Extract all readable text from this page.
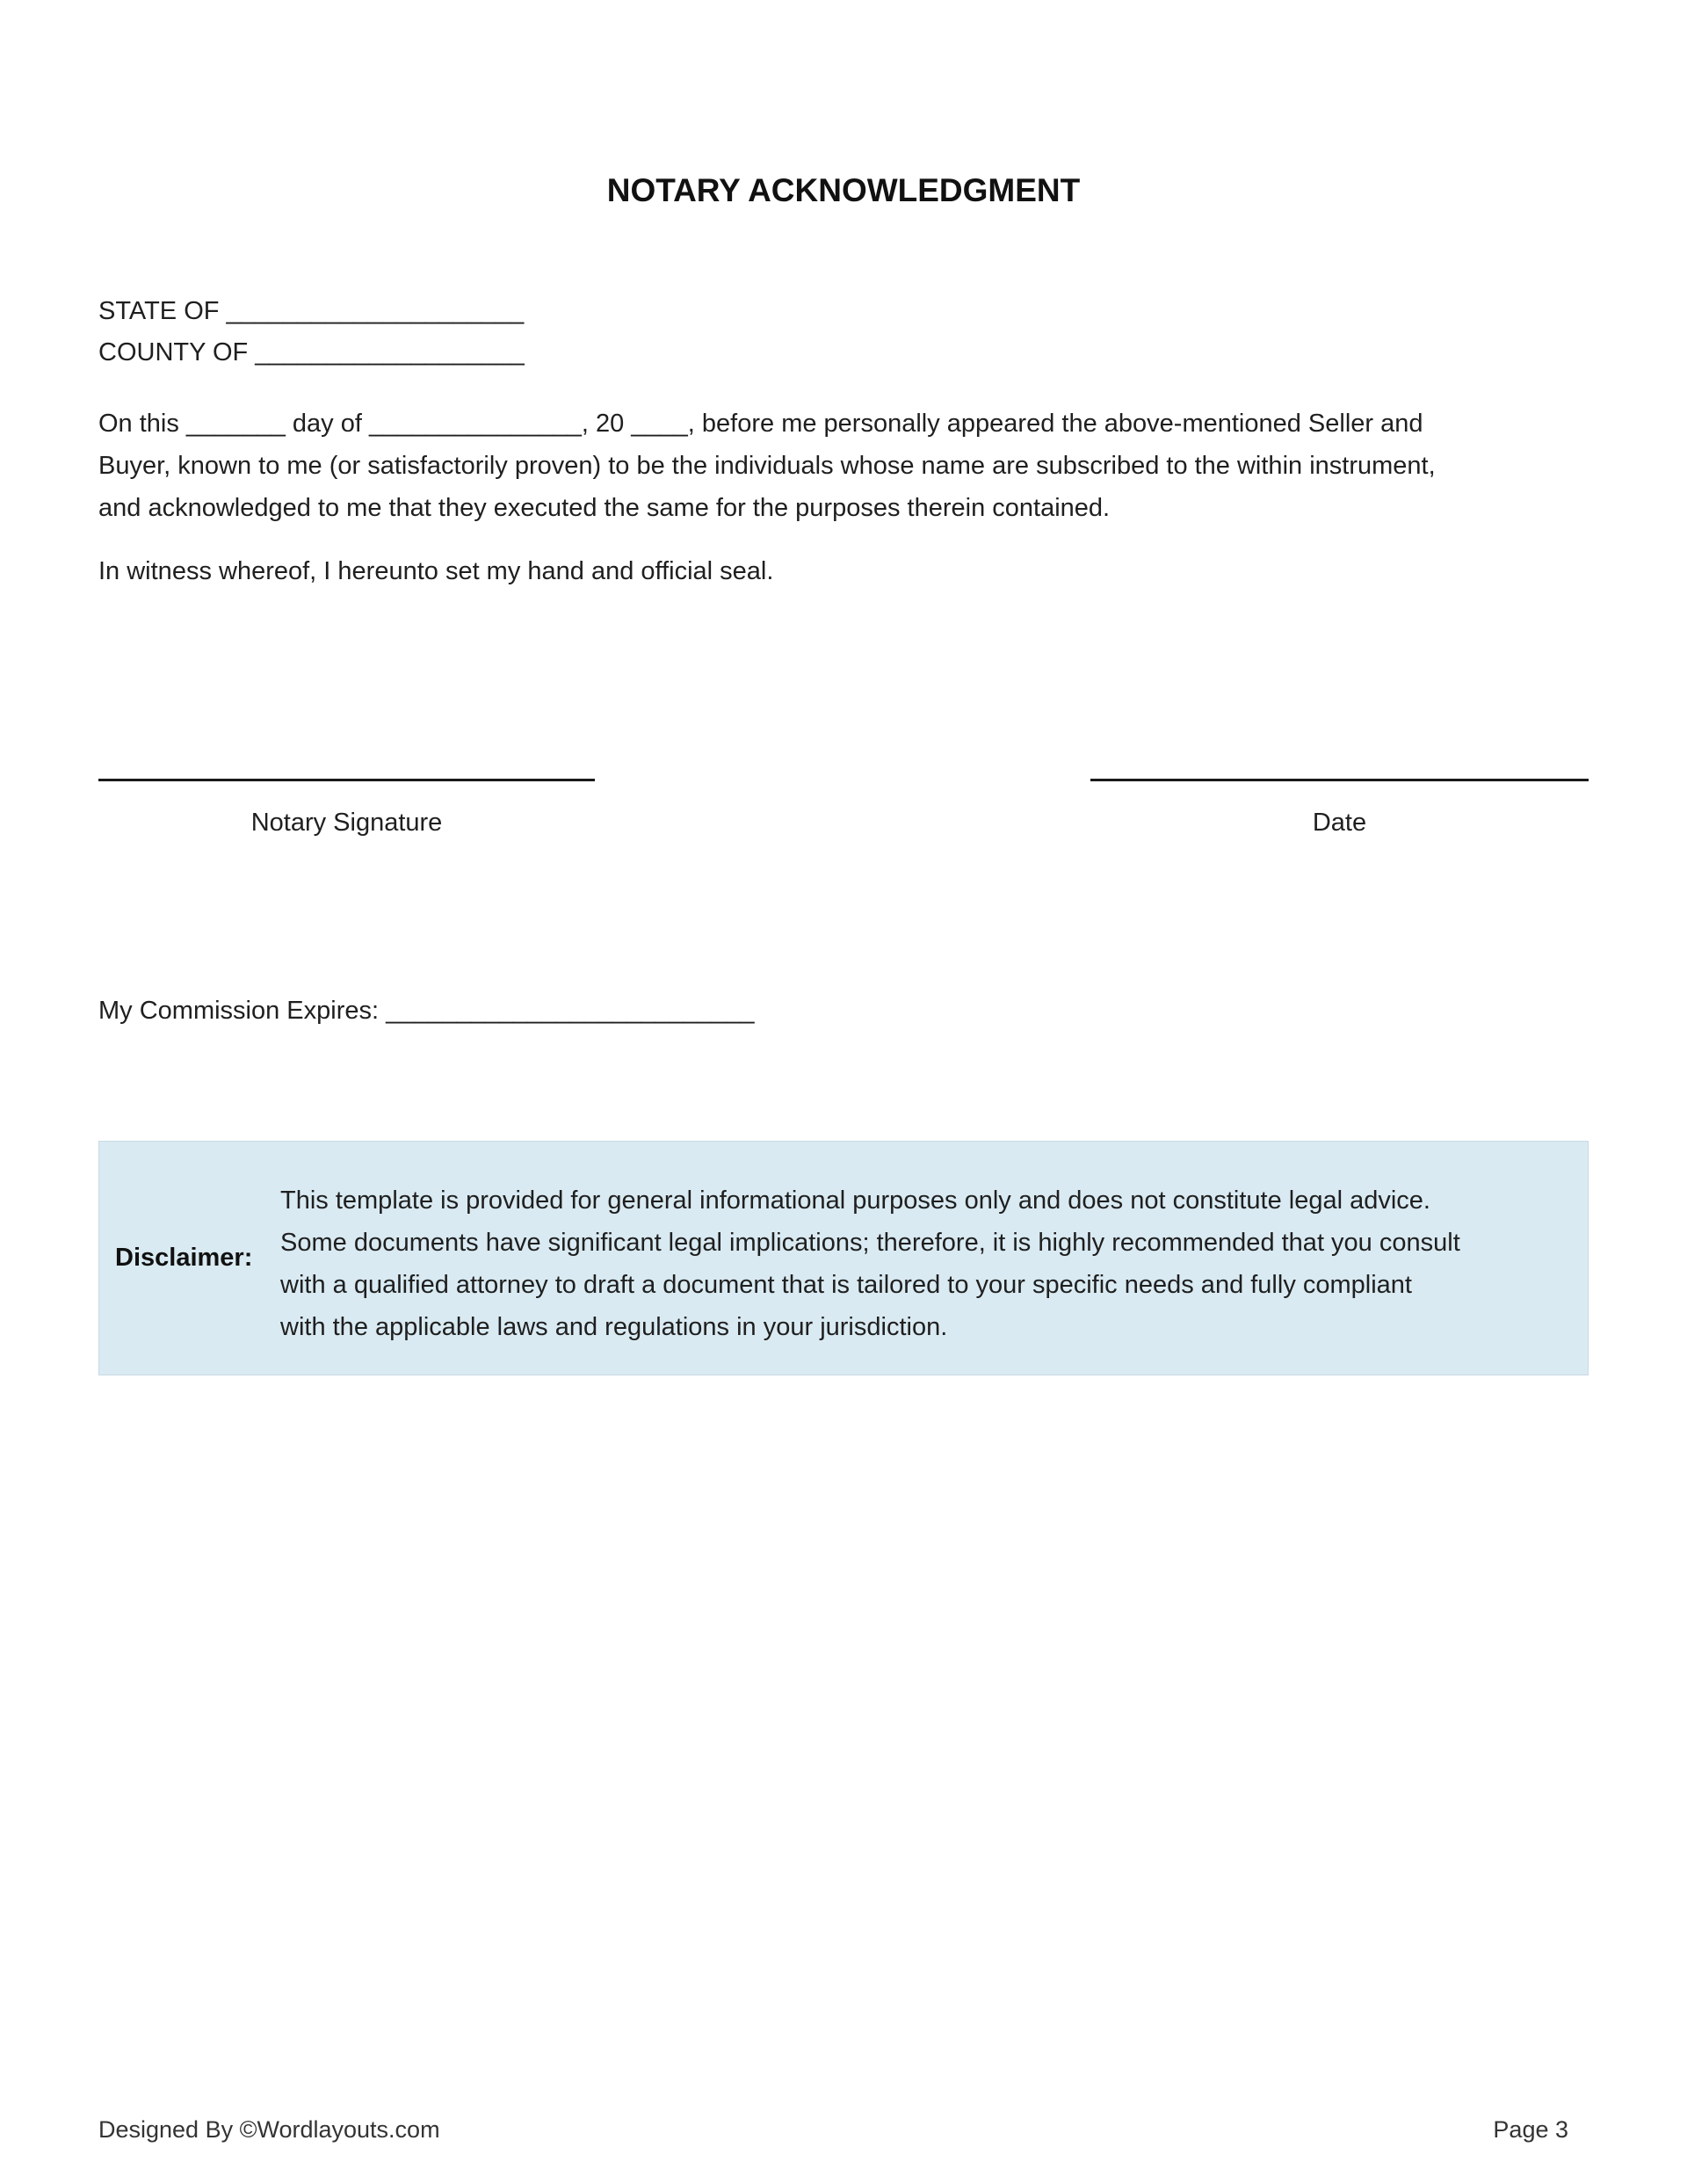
NOTARY ACKNOWLEDGMENT
STATE OF _____________________
COUNTY OF ___________________
On this _______ day of _______________, 20 ____, before me personally appeared the above-mentioned Seller and
Buyer, known to me (or satisfactorily proven) to be the individuals whose name are subscribed to the within instrument,
and acknowledged to me that they executed the same for the purposes therein contained.
In witness whereof, I hereunto set my hand and official seal.
Notary Signature	Date
My Commission Expires: __________________________
Disclaimer:
This template is provided for general informational purposes only and does not constitute legal advice.
Some documents have significant legal implications; therefore, it is highly recommended that you consult
with a qualified attorney to draft a document that is tailored to your specific needs and fully compliant
with the applicable laws and regulations in your jurisdiction.
Designed By ©Wordlayouts.com	Page 3
